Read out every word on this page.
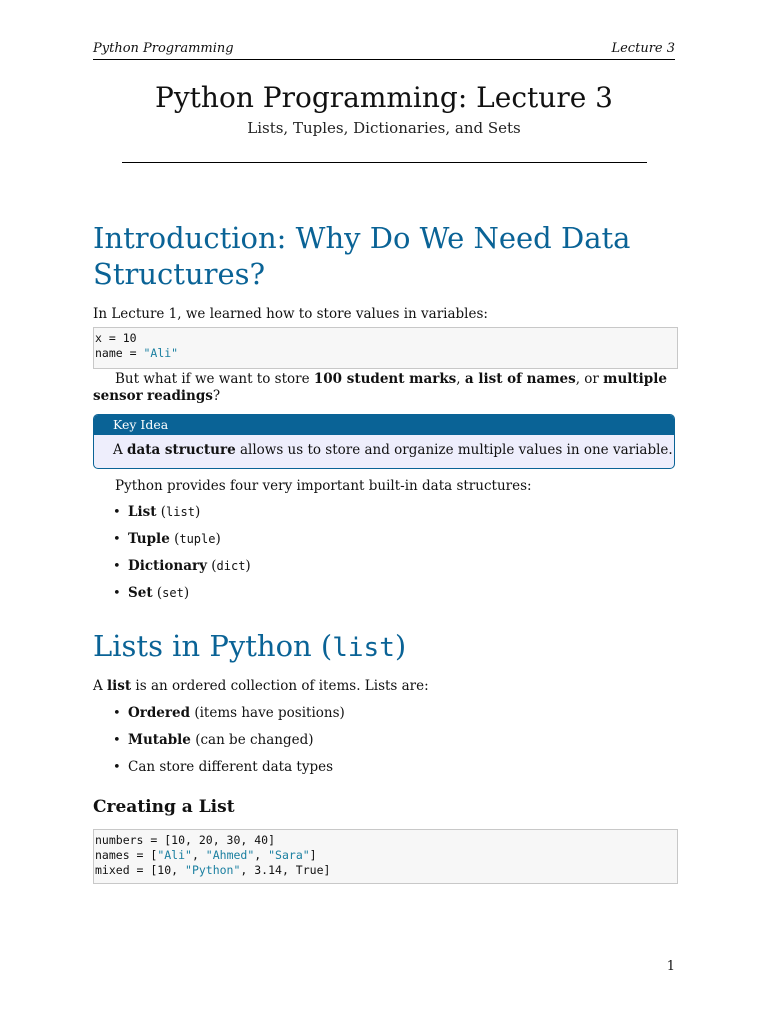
Python Programming	Lecture 3
Python Programming: Lecture 3
Lists, Tuples, Dictionaries, and Sets
Introduction: Why Do We Need Data
Structures?
In Lecture 1, we learned how to store values in variables:
x = 10
name = "Ali"
But what if we want to store 100 student marks, a list of names, or multiple sensor readings?
Key Idea
A data structure allows us to store and organize multiple values in one variable.
Python provides four very important built-in data structures:
• List (list)
• Tuple (tuple)
• Dictionary (dict)
• Set (set)
Lists in Python (list)
A list is an ordered collection of items. Lists are:
• Ordered (items have positions)
• Mutable (can be changed)
• Can store different data types
Creating a List
numbers = [10, 20, 30, 40]
names = ["Ali", "Ahmed", "Sara"]
mixed = [10, "Python", 3.14, True]
1
